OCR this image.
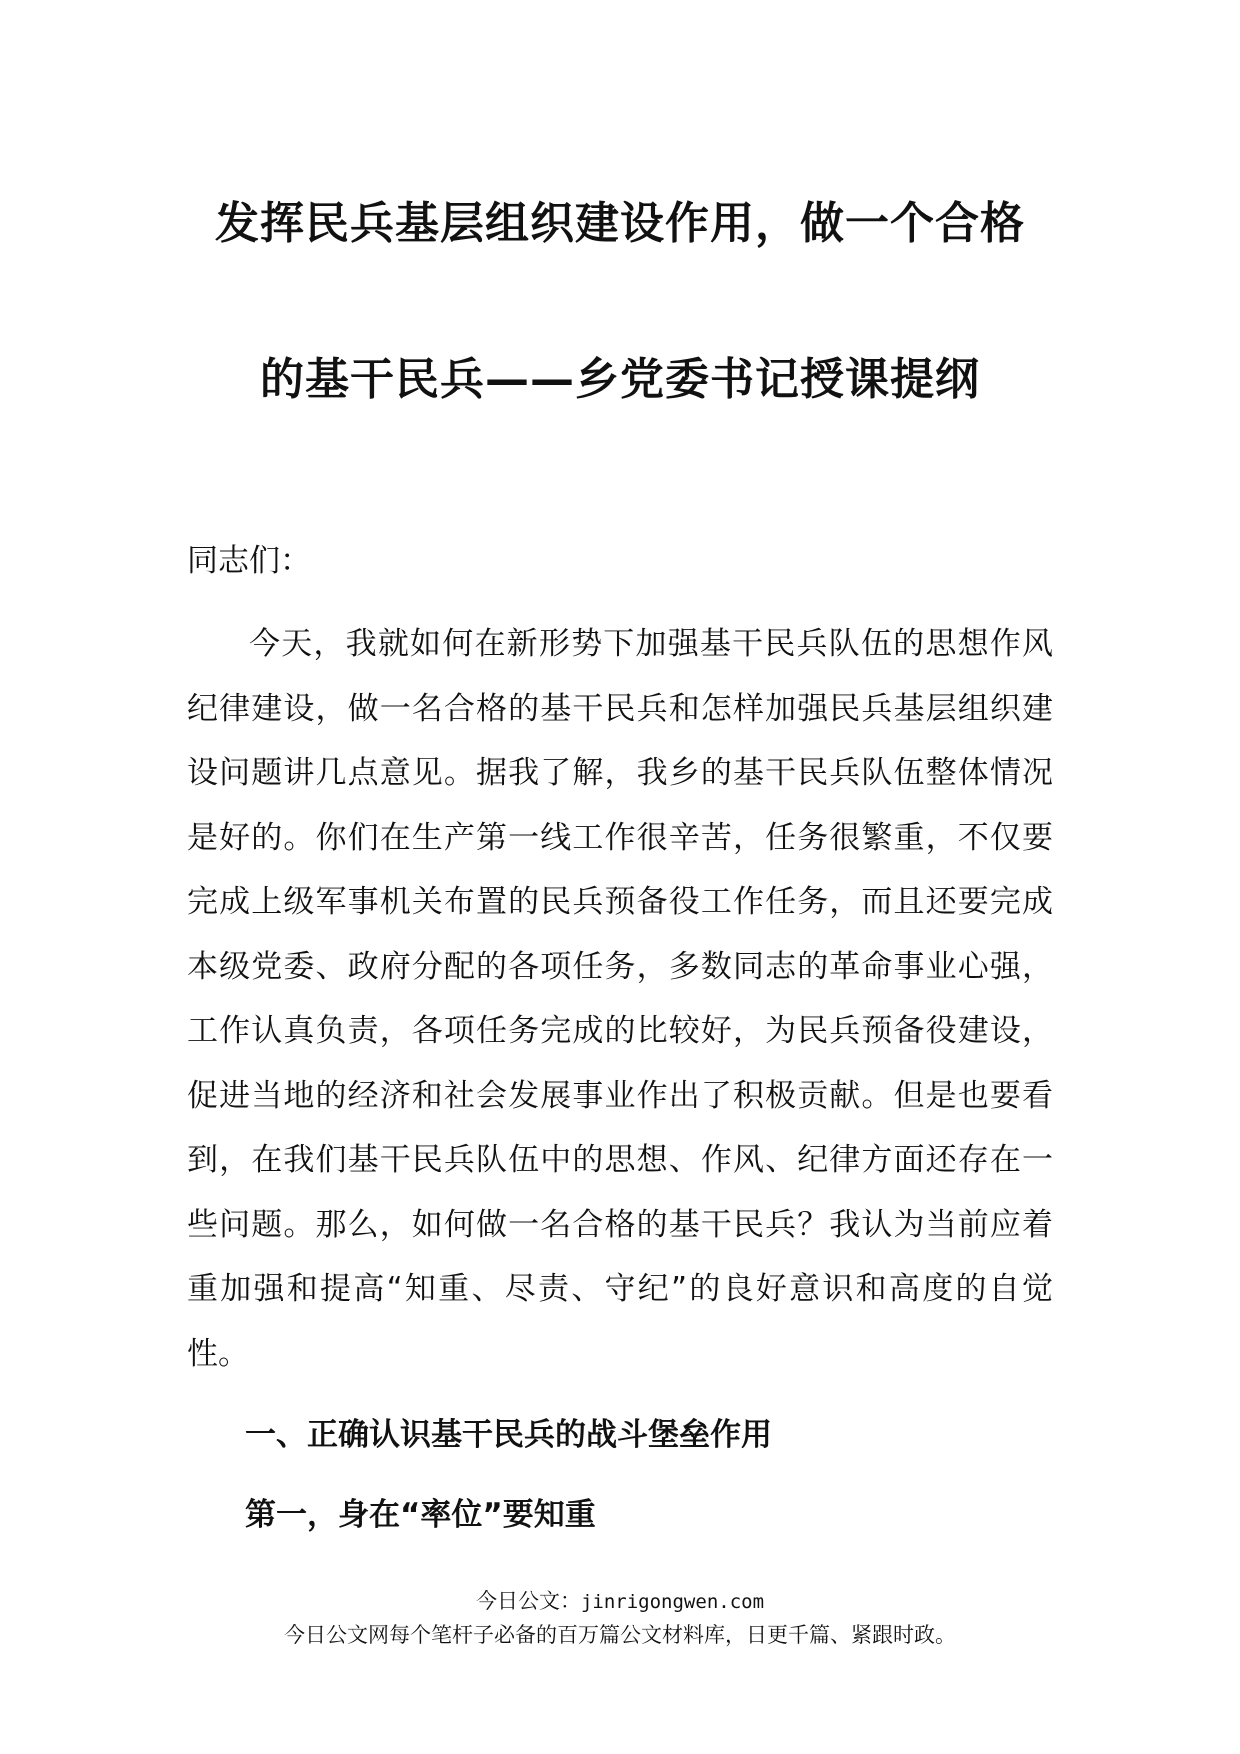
发挥民兵基层组织建设作用，做一个合格
的基干民兵——乡党委书记授课提纲

同志们：

今天，我就如何在新形势下加强基干民兵队伍的思想作风纪律建设，做一名合格的基干民兵和怎样加强民兵基层组织建设问题讲几点意见。据我了解，我乡的基干民兵队伍整体情况是好的。你们在生产第一线工作很辛苦，任务很繁重，不仅要完成上级军事机关布置的民兵预备役工作任务，而且还要完成本级党委、政府分配的各项任务，多数同志的革命事业心强，工作认真负责，各项任务完成的比较好，为民兵预备役建设，促进当地的经济和社会发展事业作出了积极贡献。但是也要看到，在我们基干民兵队伍中的思想、作风、纪律方面还存在一些问题。那么，如何做一名合格的基干民兵？我认为当前应着重加强和提高“知重、尽责、守纪”的良好意识和高度的自觉性。

一、正确认识基干民兵的战斗堡垒作用

第一，身在“率位”要知重

今日公文：jinrigongwen.com

今日公文网每个笔杆子必备的百万篇公文材料库，日更千篇、紧跟时政。
